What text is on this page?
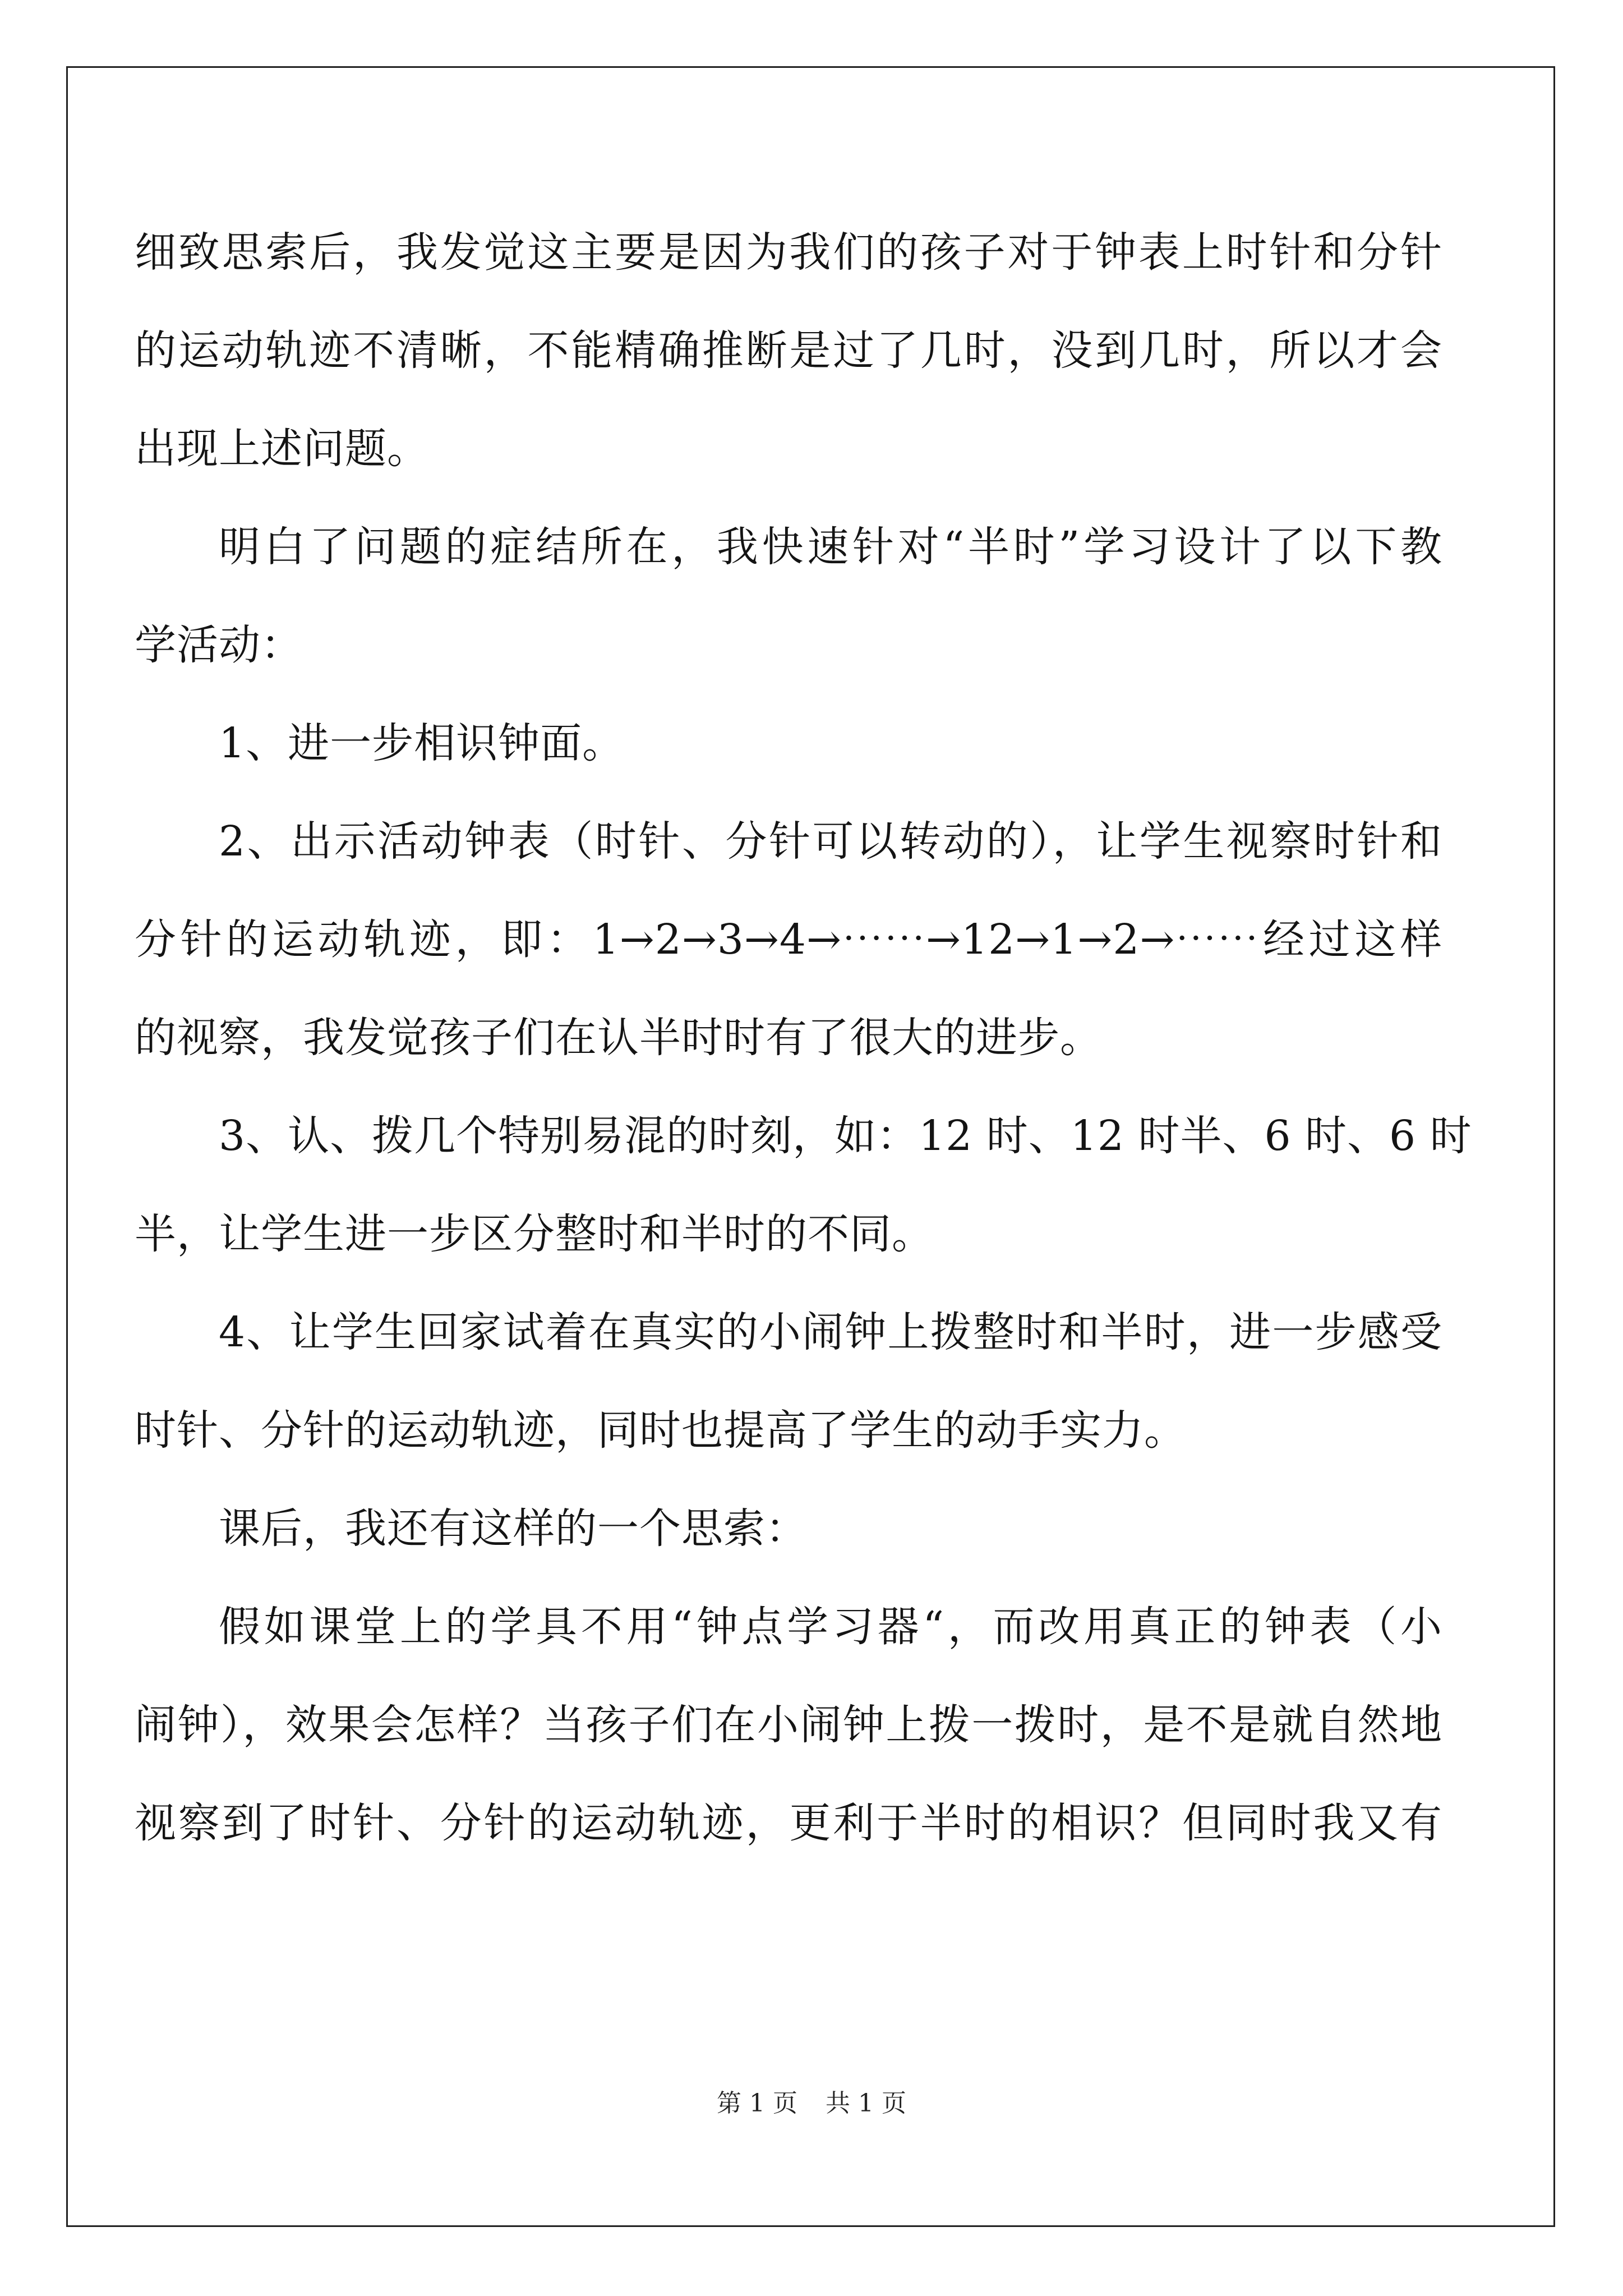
细致思索后，我发觉这主要是因为我们的孩子对于钟表上时针和分针
的运动轨迹不清晰，不能精确推断是过了几时，没到几时，所以才会
出现上述问题。
明白了问题的症结所在，我快速针对“半时”学习设计了以下教
学活动：
1、进一步相识钟面。
2、出示活动钟表（时针、分针可以转动的），让学生视察时针和
分针的运动轨迹，即：1→2→3→4→⋯⋯→12→1→2→⋯⋯经过这样
的视察，我发觉孩子们在认半时时有了很大的进步。
3、认、拨几个特别易混的时刻，如：12 时、12 时半、6 时、6 时
半，让学生进一步区分整时和半时的不同。
4、让学生回家试着在真实的小闹钟上拨整时和半时，进一步感受
时针、分针的运动轨迹，同时也提高了学生的动手实力。
课后，我还有这样的一个思索：
假如课堂上的学具不用“钟点学习器“，而改用真正的钟表（小
闹钟），效果会怎样？当孩子们在小闹钟上拨一拨时，是不是就自然地
视察到了时针、分针的运动轨迹，更利于半时的相识？但同时我又有
第 1 页 共 1 页
